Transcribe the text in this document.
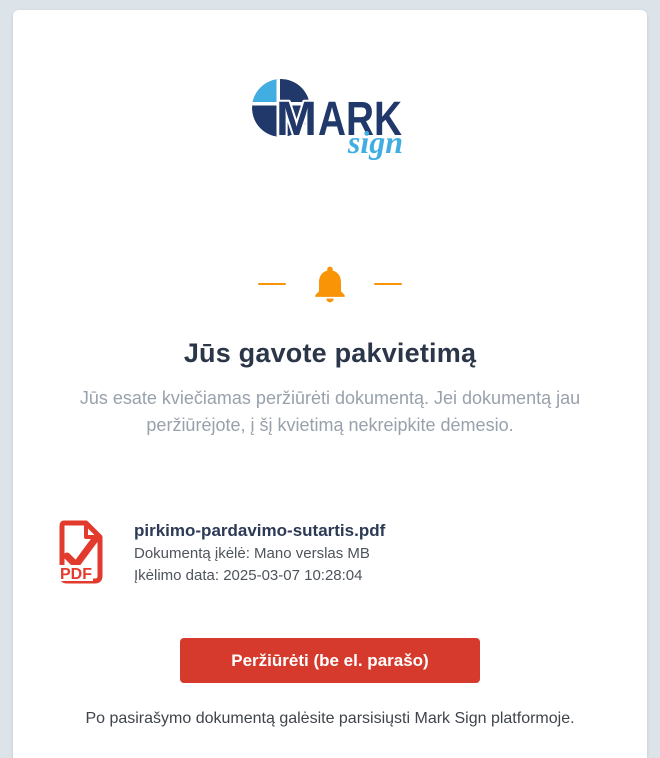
M ARK
sign
Jūs gavote pakvietimą

Jūs esate kviečiamas peržiūrėti dokumentą. Jei dokumentą jau peržiūrėjote, į šį kvietimą nekreipkite dėmesio.

PDF
pirkimo-pardavimo-sutartis.pdf
Dokumentą įkėlė: Mano verslas MB
Įkėlimo data: 2025-03-07 10:28:04
Peržiūrėti (be el. parašo)

Po pasirašymo dokumentą galėsite parsisiųsti Mark Sign platformoje.
